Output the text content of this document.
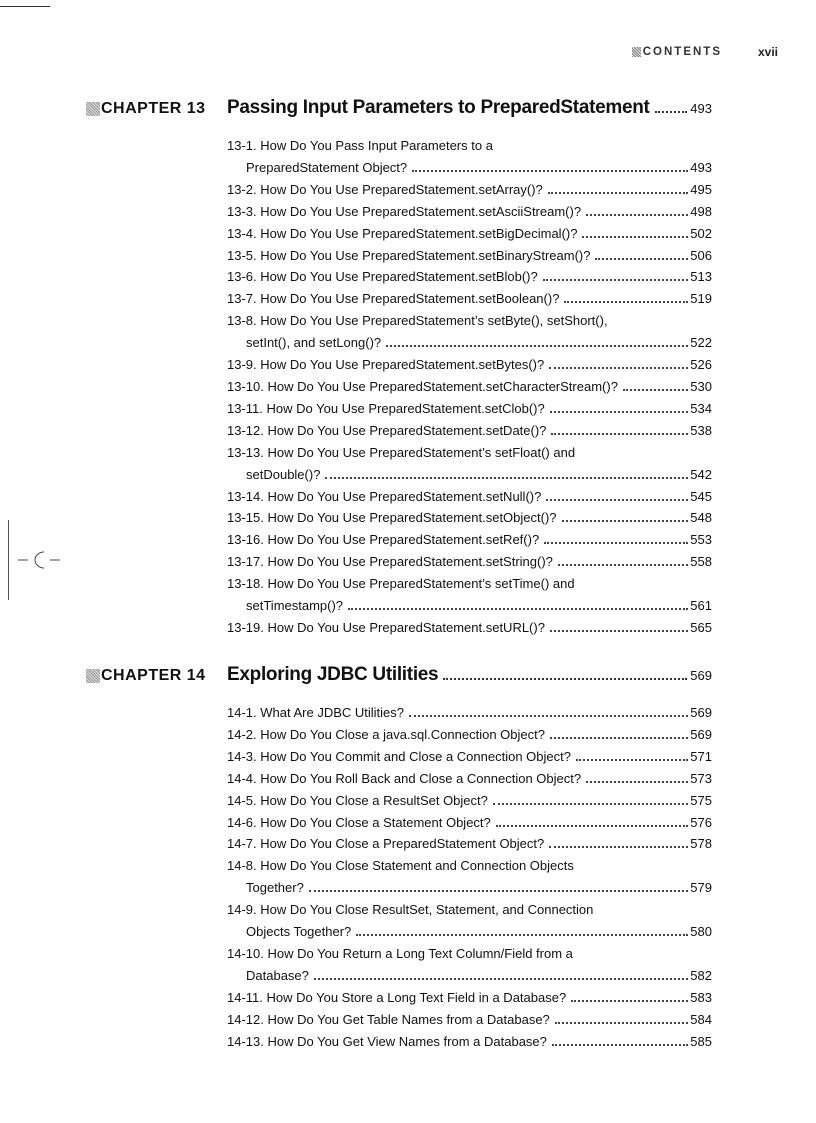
CONTENTS	xvii
CHAPTER 13 Passing Input Parameters to PreparedStatement	493
13-1. How Do You Pass Input Parameters to a
PreparedStatement Object?	493
13-2. How Do You Use PreparedStatement.setArray()?	495
13-3. How Do You Use PreparedStatement.setAsciiStream()?	498
13-4. How Do You Use PreparedStatement.setBigDecimal()?	502
13-5. How Do You Use PreparedStatement.setBinaryStream()?	506
13-6. How Do You Use PreparedStatement.setBlob()?	513
13-7. How Do You Use PreparedStatement.setBoolean()?	519
13-8. How Do You Use PreparedStatement’s setByte(), setShort(),
setInt(), and setLong()?	522
13-9. How Do You Use PreparedStatement.setBytes()?	526
13-10. How Do You Use PreparedStatement.setCharacterStream()?	530
13-11. How Do You Use PreparedStatement.setClob()?	534
13-12. How Do You Use PreparedStatement.setDate()?	538
13-13. How Do You Use PreparedStatement’s setFloat() and
setDouble()?	542
13-14. How Do You Use PreparedStatement.setNull()?	545
13-15. How Do You Use PreparedStatement.setObject()?	548
13-16. How Do You Use PreparedStatement.setRef()?	553
13-17. How Do You Use PreparedStatement.setString()?	558
13-18. How Do You Use PreparedStatement’s setTime() and
setTimestamp()?	561
13-19. How Do You Use PreparedStatement.setURL()?	565
CHAPTER 14 Exploring JDBC Utilities	569
14-1. What Are JDBC Utilities?	569
14-2. How Do You Close a java.sql.Connection Object?	569
14-3. How Do You Commit and Close a Connection Object?	571
14-4. How Do You Roll Back and Close a Connection Object?	573
14-5. How Do You Close a ResultSet Object?	575
14-6. How Do You Close a Statement Object?	576
14-7. How Do You Close a PreparedStatement Object?	578
14-8. How Do You Close Statement and Connection Objects
Together?	579
14-9. How Do You Close ResultSet, Statement, and Connection
Objects Together?	580
14-10. How Do You Return a Long Text Column/Field from a
Database?	582
14-11. How Do You Store a Long Text Field in a Database?	583
14-12. How Do You Get Table Names from a Database?	584
14-13. How Do You Get View Names from a Database?	585
